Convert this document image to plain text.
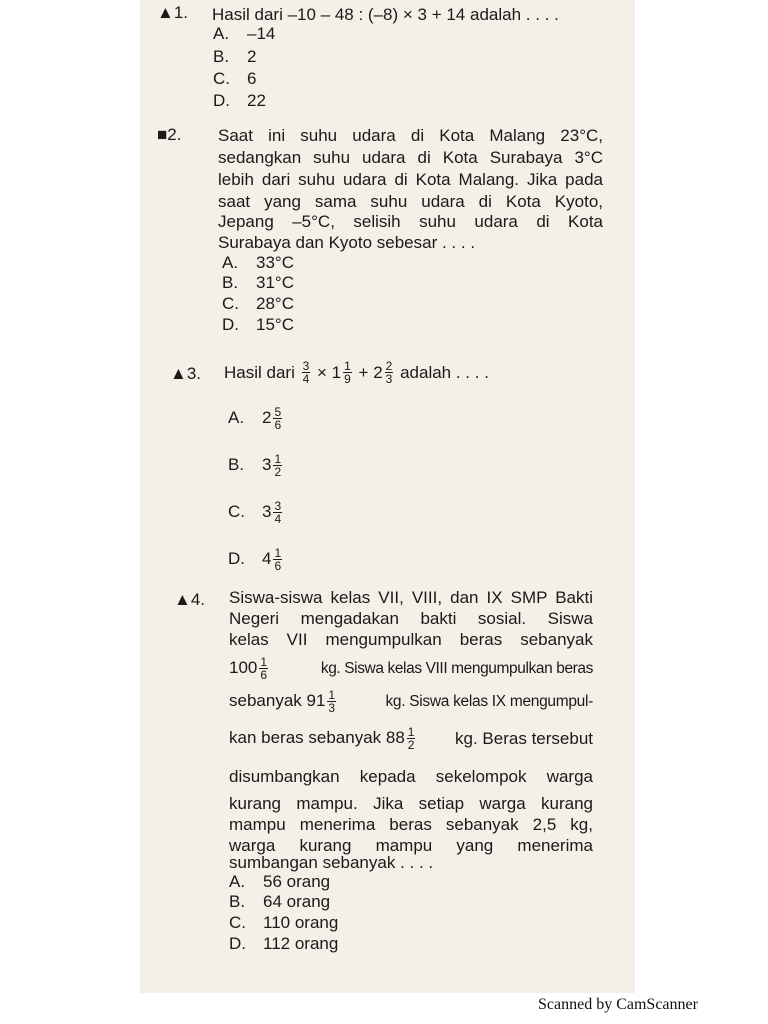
▲1. Hasil dari –10 – 48 : (–8) × 3 + 14 adalah . . . .
A. –14
B. 2
C. 6
D. 22
■2. Saat ini suhu udara di Kota Malang 23°C,
sedangkan suhu udara di Kota Surabaya 3°C
lebih dari suhu udara di Kota Malang. Jika pada
saat yang sama suhu udara di Kota Kyoto,
Jepang –5°C, selisih suhu udara di Kota
Surabaya dan Kyoto sebesar . . . .
A. 33°C
B. 31°C
C. 28°C
D. 15°C
▲3. Hasil dari
$\frac{3}{4}$
× $1 \frac{1}{9}$
+ $2 \frac{2}{3}$
adalah . . . .
A.	$2 \frac{5}{6}$
B.	$3 \frac{1}{2}$
C.	$3 \frac{3}{4}$
D.	$4 \frac{1}{6}$
▲4. Siswa-siswa kelas VII, VIII, dan IX SMP Bakti
Negeri mengadakan bakti sosial. Siswa
kelas VII mengumpulkan beras sebanyak
$100 \frac{1}{6}$	kg. Siswa kelas VIII mengumpulkan beras
sebanyak $91 \frac{1}{3}$	kg. Siswa kelas IX mengumpul-
kan beras sebanyak $88 \frac{1}{2}$ kg. Beras tersebut
disumbangkan kepada sekelompok warga
kurang mampu. Jika setiap warga kurang
mampu menerima beras sebanyak 2,5 kg,
warga kurang mampu yang menerima
sumbangan sebanyak . . . .
A. 56 orang
B. 64 orang
C. 110 orang
D. 112 orang
Scanned by CamScanner
